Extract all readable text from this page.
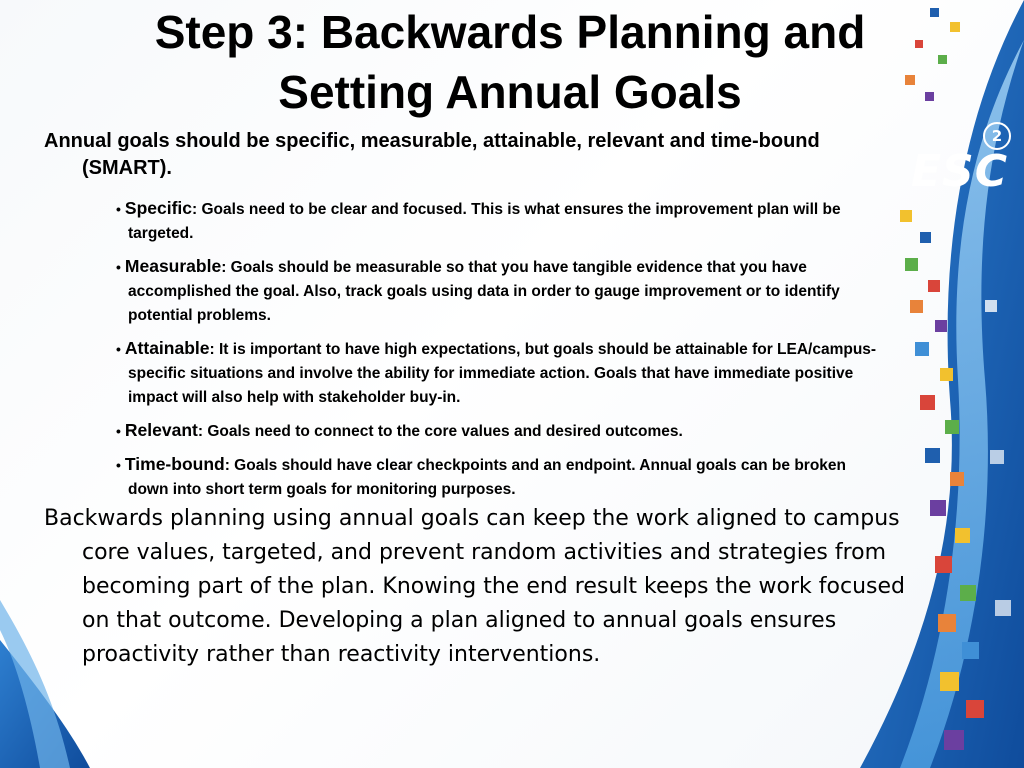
2
ESC
Step 3: Backwards Planning and
Setting Annual Goals
Annual goals should be specific, measurable, attainable, relevant and time-bound (SMART).
• Specific: Goals need to be clear and focused. This is what ensures the improvement plan will be targeted.
• Measurable: Goals should be measurable so that you have tangible evidence that you have accomplished the goal. Also, track goals using data in order to gauge improvement or to identify potential problems.
• Attainable: It is important to have high expectations, but goals should be attainable for LEA/campus-specific situations and involve the ability for immediate action. Goals that have immediate positive impact will also help with stakeholder buy-in.
• Relevant: Goals need to connect to the core values and desired outcomes.
• Time-bound: Goals should have clear checkpoints and an endpoint. Annual goals can be broken down into short term goals for monitoring purposes.
Backwards planning using annual goals can keep the work aligned to campus core values, targeted, and prevent random activities and strategies from becoming part of the plan. Knowing the end result keeps the work focused on that outcome. Developing a plan aligned to annual goals ensures proactivity rather than reactivity interventions.
